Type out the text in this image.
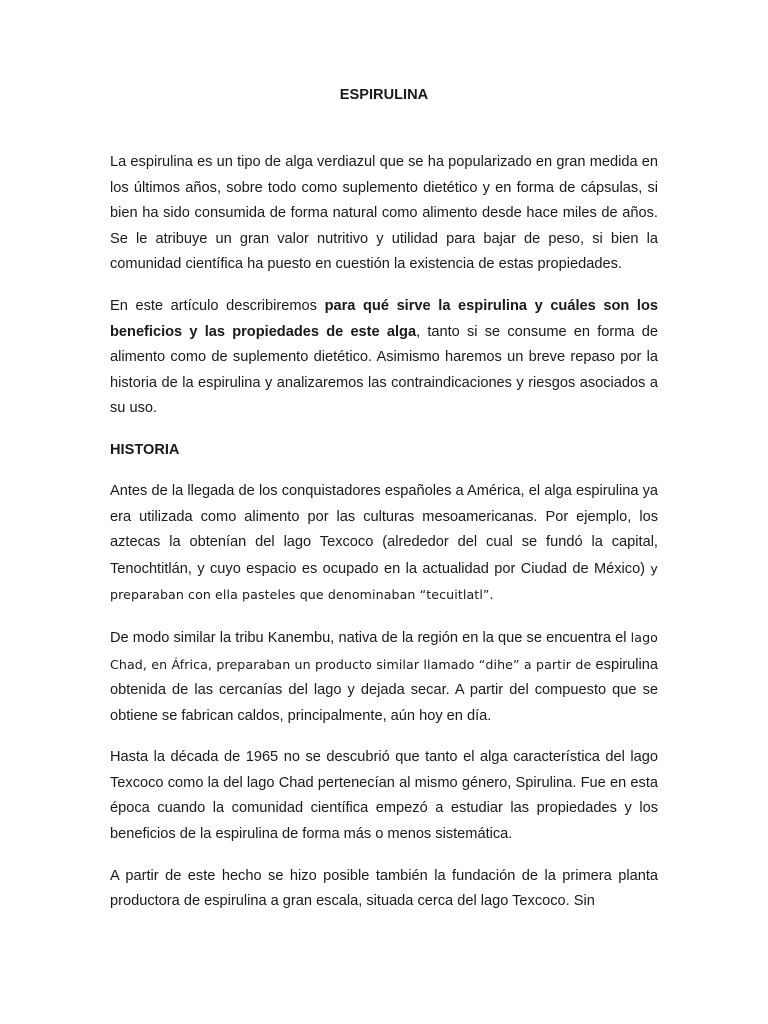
ESPIRULINA

La espirulina es un tipo de alga verdiazul que se ha popularizado en gran medida en los últimos años, sobre todo como suplemento dietético y en forma de cápsulas, si bien ha sido consumida de forma natural como alimento desde hace miles de años. Se le atribuye un gran valor nutritivo y utilidad para bajar de peso, si bien la comunidad científica ha puesto en cuestión la existencia de estas propiedades.

En este artículo describiremos para qué sirve la espirulina y cuáles son los beneficios y las propiedades de este alga, tanto si se consume en forma de alimento como de suplemento dietético. Asimismo haremos un breve repaso por la historia de la espirulina y analizaremos las contraindicaciones y riesgos asociados a su uso.

HISTORIA

Antes de la llegada de los conquistadores españoles a América, el alga espirulina ya era utilizada como alimento por las culturas mesoamericanas. Por ejemplo, los aztecas la obtenían del lago Texcoco (alrededor del cual se fundó la capital, Tenochtitlán, y cuyo espacio es ocupado en la actualidad por Ciudad de México) y preparaban con ella pasteles que denominaban “tecuitlatl”.

De modo similar la tribu Kanembu, nativa de la región en la que se encuentra el lago Chad, en África, preparaban un producto similar llamado “dihe” a partir de espirulina obtenida de las cercanías del lago y dejada secar. A partir del compuesto que se obtiene se fabrican caldos, principalmente, aún hoy en día.

Hasta la década de 1965 no se descubrió que tanto el alga característica del lago Texcoco como la del lago Chad pertenecían al mismo género, Spirulina. Fue en esta época cuando la comunidad científica empezó a estudiar las propiedades y los beneficios de la espirulina de forma más o menos sistemática.

A partir de este hecho se hizo posible también la fundación de la primera planta productora de espirulina a gran escala, situada cerca del lago Texcoco. Sin
